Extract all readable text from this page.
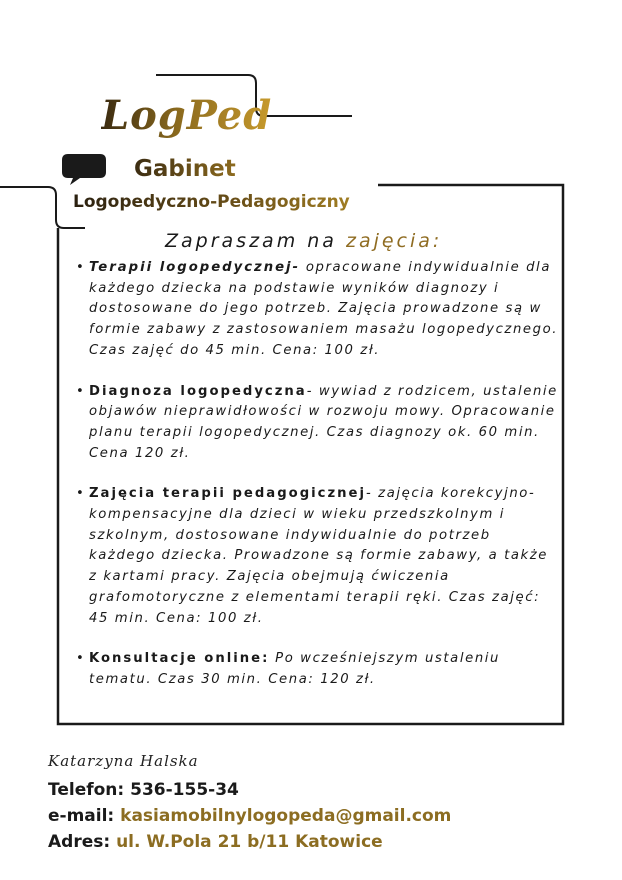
LogPed
Gabinet
Logopedyczno-Pedagogiczny
Zapraszam na zajęcia:
• Terapii logopedycznej- opracowane indywidualnie dla każdego dziecka na podstawie wyników diagnozy i dostosowane do jego potrzeb. Zajęcia prowadzone są w formie zabawy z zastosowaniem masażu logopedycznego. Czas zajęć do 45 min. Cena: 100 zł.
• Diagnoza logopedyczna- wywiad z rodzicem, ustalenie objawów nieprawidłowości w rozwoju mowy. Opracowanie planu terapii logopedycznej. Czas diagnozy ok. 60 min. Cena 120 zł.
• Zajęcia terapii pedagogicznej- zajęcia korekcyjno-kompensacyjne dla dzieci w wieku przedszkolnym i szkolnym, dostosowane indywidualnie do potrzeb każdego dziecka. Prowadzone są formie zabawy, a także z kartami pracy. Zajęcia obejmują ćwiczenia grafomotoryczne z elementami terapii ręki. Czas zajęć: 45 min. Cena: 100 zł.
• Konsultacje online: Po wcześniejszym ustaleniu tematu. Czas 30 min. Cena: 120 zł.
Katarzyna Halska
Telefon: 536-155-34
e-mail: kasiamobilnylogopeda@gmail.com
Adres: ul. W.Pola 21 b/11 Katowice
